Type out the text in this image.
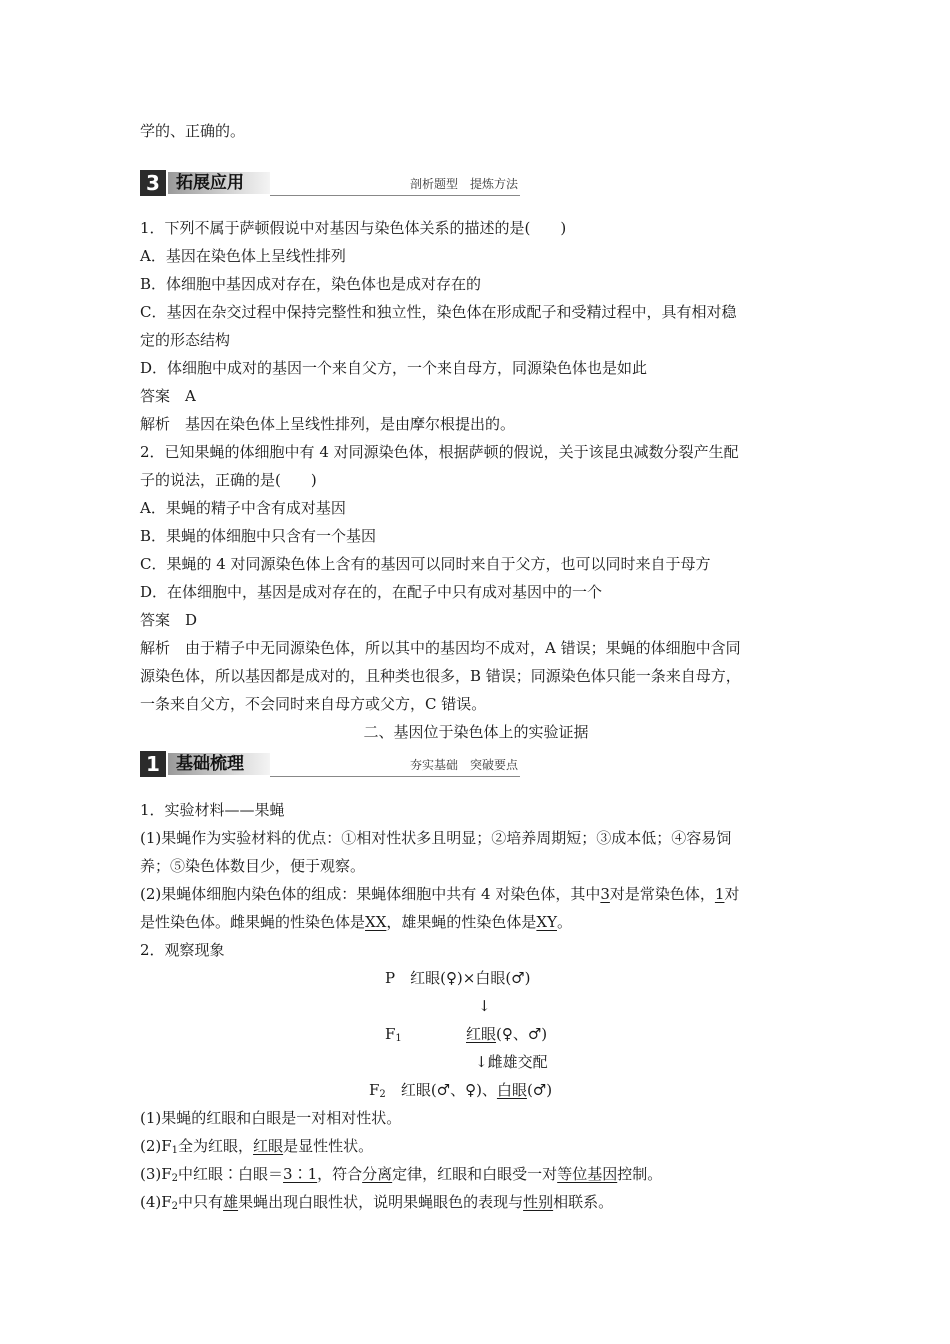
学的、正确的。
3 拓展应用	剖析题型　提炼方法
1．下列不属于萨顿假说中对基因与染色体关系的描述的是(　　)
A．基因在染色体上呈线性排列
B．体细胞中基因成对存在，染色体也是成对存在的
C．基因在杂交过程中保持完整性和独立性，染色体在形成配子和受精过程中，具有相对稳
定的形态结构
D．体细胞中成对的基因一个来自父方，一个来自母方，同源染色体也是如此
答案　A
解析　基因在染色体上呈线性排列，是由摩尔根提出的。
2．已知果蝇的体细胞中有 4 对同源染色体，根据萨顿的假说，关于该昆虫减数分裂产生配
子的说法，正确的是(　　)
A．果蝇的精子中含有成对基因
B．果蝇的体细胞中只含有一个基因
C．果蝇的 4 对同源染色体上含有的基因可以同时来自于父方，也可以同时来自于母方
D．在体细胞中，基因是成对存在的，在配子中只有成对基因中的一个
答案　D
解析　由于精子中无同源染色体，所以其中的基因均不成对，A 错误；果蝇的体细胞中含同
源染色体，所以基因都是成对的，且种类也很多，B 错误；同源染色体只能一条来自母方，
一条来自父方，不会同时来自母方或父方，C 错误。
二、基因位于染色体上的实验证据
1 基础梳理	夯实基础　突破要点
1．实验材料——果蝇
(1)果蝇作为实验材料的优点：①相对性状多且明显；②培养周期短；③成本低；④容易饲
养；⑤染色体数目少，便于观察。
(2)果蝇体细胞内染色体的组成：果蝇体细胞中共有 4 对染色体，其中3对是常染色体，1对
是性染色体。雌果蝇的性染色体是XX，雄果蝇的性染色体是XY。
2．观察现象
P　红眼(♀)×白眼(♂)
↓
$F_1$	红眼(♀、♂)
↓雌雄交配
$F_2$　 红眼(♂、♀)、白眼(♂)
(1)果蝇的红眼和白眼是一对相对性状。
$(2)F_1$全为红眼，红眼是显性性状。
$(3)F_2$中红眼∶白眼＝3∶1，符合分离定律，红眼和白眼受一对等位基因控制。
$(4)F_2$中只有雄果蝇出现白眼性状，说明果蝇眼色的表现与性别相联系。
